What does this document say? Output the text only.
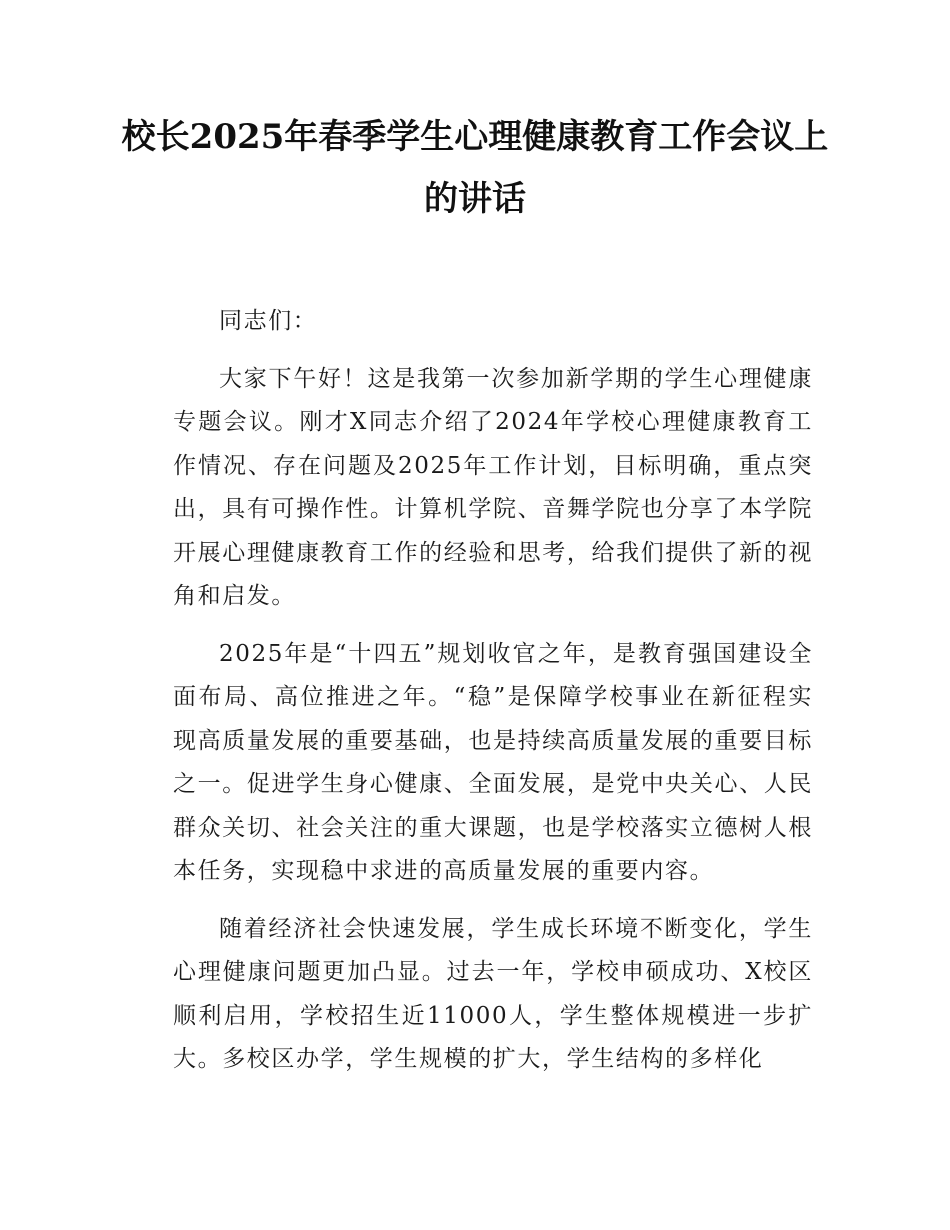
校长2025年春季学生心理健康教育工作会议上的讲话

同志们：

大家下午好！这是我第一次参加新学期的学生心理健康专题会议。刚才X同志介绍了2024年学校心理健康教育工作情况、存在问题及2025年工作计划，目标明确，重点突出，具有可操作性。计算机学院、音舞学院也分享了本学院开展心理健康教育工作的经验和思考，给我们提供了新的视角和启发。

2025年是“十四五”规划收官之年，是教育强国建设全面布局、高位推进之年。“稳”是保障学校事业在新征程实现高质量发展的重要基础，也是持续高质量发展的重要目标之一。促进学生身心健康、全面发展，是党中央关心、人民群众关切、社会关注的重大课题，也是学校落实立德树人根本任务，实现稳中求进的高质量发展的重要内容。

随着经济社会快速发展，学生成长环境不断变化，学生心理健康问题更加凸显。过去一年，学校申硕成功、X校区顺利启用，学校招生近11000人，学生整体规模进一步扩大。多校区办学，学生规模的扩大，学生结构的多样化
